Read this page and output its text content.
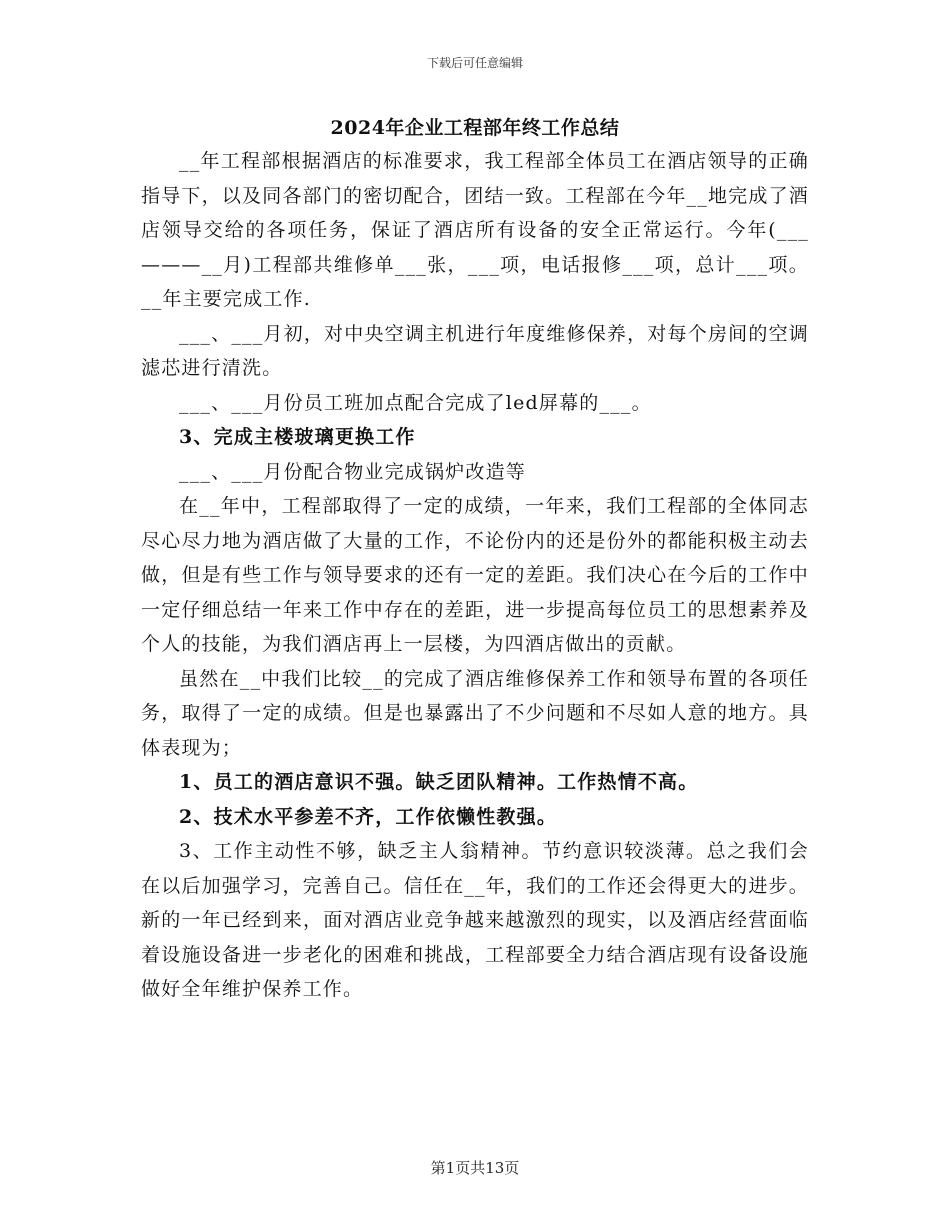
下载后可任意编辑
2024年企业工程部年终工作总结

__年工程部根据酒店的标准要求，我工程部全体员工在酒店领导的正确指导下，以及同各部门的密切配合，团结一致。工程部在今年__地完成了酒店领导交给的各项任务，保证了酒店所有设备的安全正常运行。今年(___———__月)工程部共维修单___张，___项，电话报修___项，总计___项。__年主要完成工作.

___、___月初，对中央空调主机进行年度维修保养，对每个房间的空调滤芯进行清洗。

___、___月份员工班加点配合完成了led屏幕的___。

3、完成主楼玻璃更换工作

___、___月份配合物业完成锅炉改造等

在__年中，工程部取得了一定的成绩，一年来，我们工程部的全体同志尽心尽力地为酒店做了大量的工作，不论份内的还是份外的都能积极主动去做，但是有些工作与领导要求的还有一定的差距。我们决心在今后的工作中一定仔细总结一年来工作中存在的差距，进一步提高每位员工的思想素养及个人的技能，为我们酒店再上一层楼，为四酒店做出的贡献。

虽然在__中我们比较__的完成了酒店维修保养工作和领导布置的各项任务，取得了一定的成绩。但是也暴露出了不少问题和不尽如人意的地方。具体表现为；

1、员工的酒店意识不强。缺乏团队精神。工作热情不高。

2、技术水平参差不齐，工作依懒性教强。

3、工作主动性不够，缺乏主人翁精神。节约意识较淡薄。总之我们会在以后加强学习，完善自己。信任在__年，我们的工作还会得更大的进步。新的一年已经到来，面对酒店业竞争越来越激烈的现实，以及酒店经营面临着设施设备进一步老化的困难和挑战，工程部要全力结合酒店现有设备设施做好全年维护保养工作。

第1页共13页
